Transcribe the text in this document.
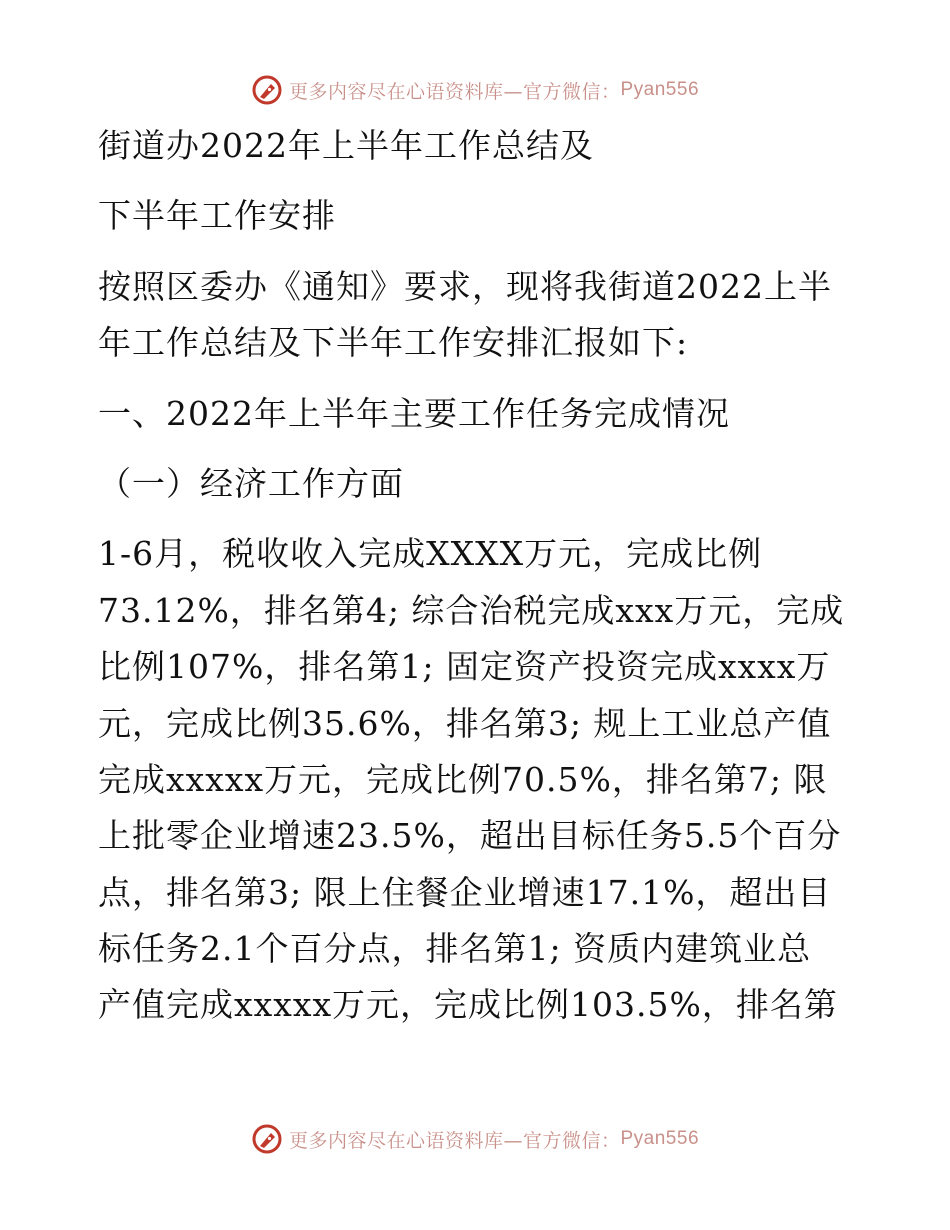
更多内容尽在心语资料库—官方微信： Pyan556
街道办2022年上半年工作总结及
下半年工作安排
按照区委办《通知》要求，现将我街道2022上半
年工作总结及下半年工作安排汇报如下:
一、2022年上半年主要工作任务完成情况
（一）经济工作方面
1-6月，税收收入完成XXXX万元，完成比例
73.12%，排名第4; 综合治税完成xxx万元，完成
比例107%，排名第1; 固定资产投资完成xxxx万
元，完成比例35.6%，排名第3; 规上工业总产值
完成xxxxx万元，完成比例70.5%，排名第7; 限
上批零企业增速23.5%，超出目标任务5.5个百分
点，排名第3; 限上住餐企业增速17.1%，超出目
标任务2.1个百分点，排名第1; 资质内建筑业总
产值完成xxxxx万元，完成比例103.5%，排名第
更多内容尽在心语资料库—官方微信： Pyan556
